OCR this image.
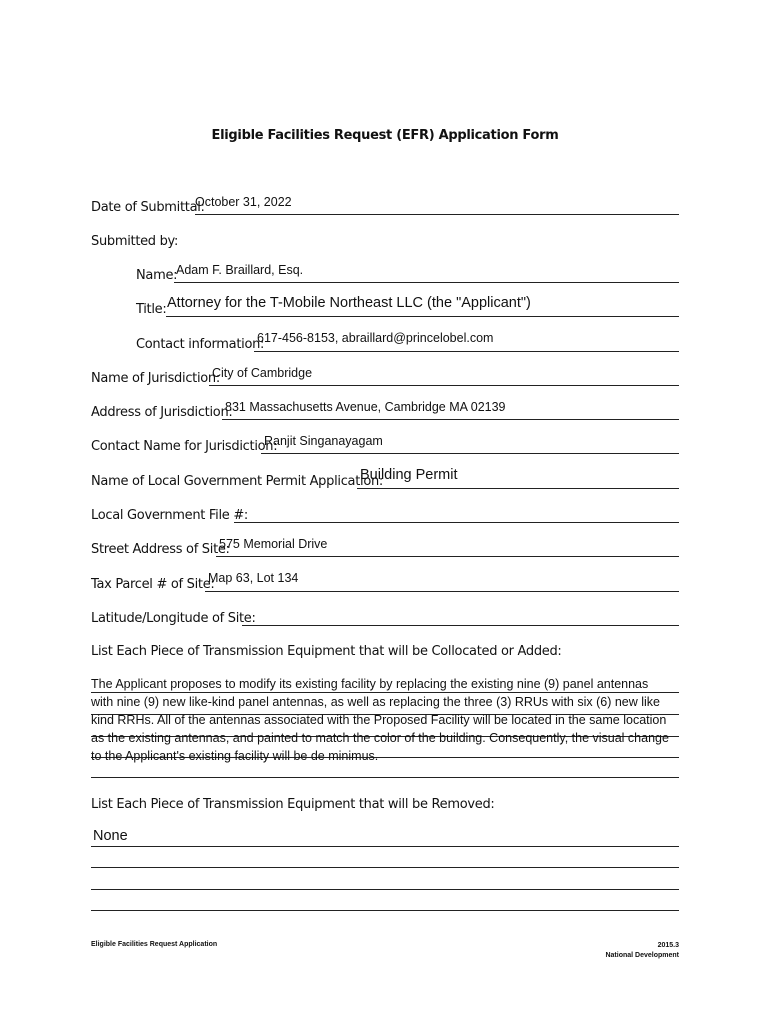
Eligible Facilities Request (EFR) Application Form
Date of Submittal:
October 31, 2022
Submitted by:
Name:
Adam F. Braillard, Esq.
Title: Attorney for the T-Mobile Northeast LLC (the "Applicant")
Contact information:
617-456-8153, abraillard@princelobel.com
Name of Jurisdiction:
City of Cambridge
Address of Jurisdiction:
831 Massachusetts Avenue, Cambridge MA 02139
Contact Name for Jurisdiction:
Ranjit Singanayagam
Name of Local Government Permit Application:
Building Permit
Local Government File #:
Street Address of Site:
575 Memorial Drive
Tax Parcel # of Site:
Map 63, Lot 134
Latitude/Longitude of Site:
List Each Piece of Transmission Equipment that will be Collocated or Added:
The Applicant proposes to modify its existing facility by replacing the existing nine (9) panel antennas
with nine (9) new like-kind panel antennas, as well as replacing the three (3) RRUs with six (6) new like
kind RRHs. All of the antennas associated with the Proposed Facility will be located in the same location
as the existing antennas, and painted to match the color of the building. Consequently, the visual change
to the Applicant's existing facility will be de minimus.
List Each Piece of Transmission Equipment that will be Removed:
None
Eligible Facilities Request Application	2015.3
National Development
